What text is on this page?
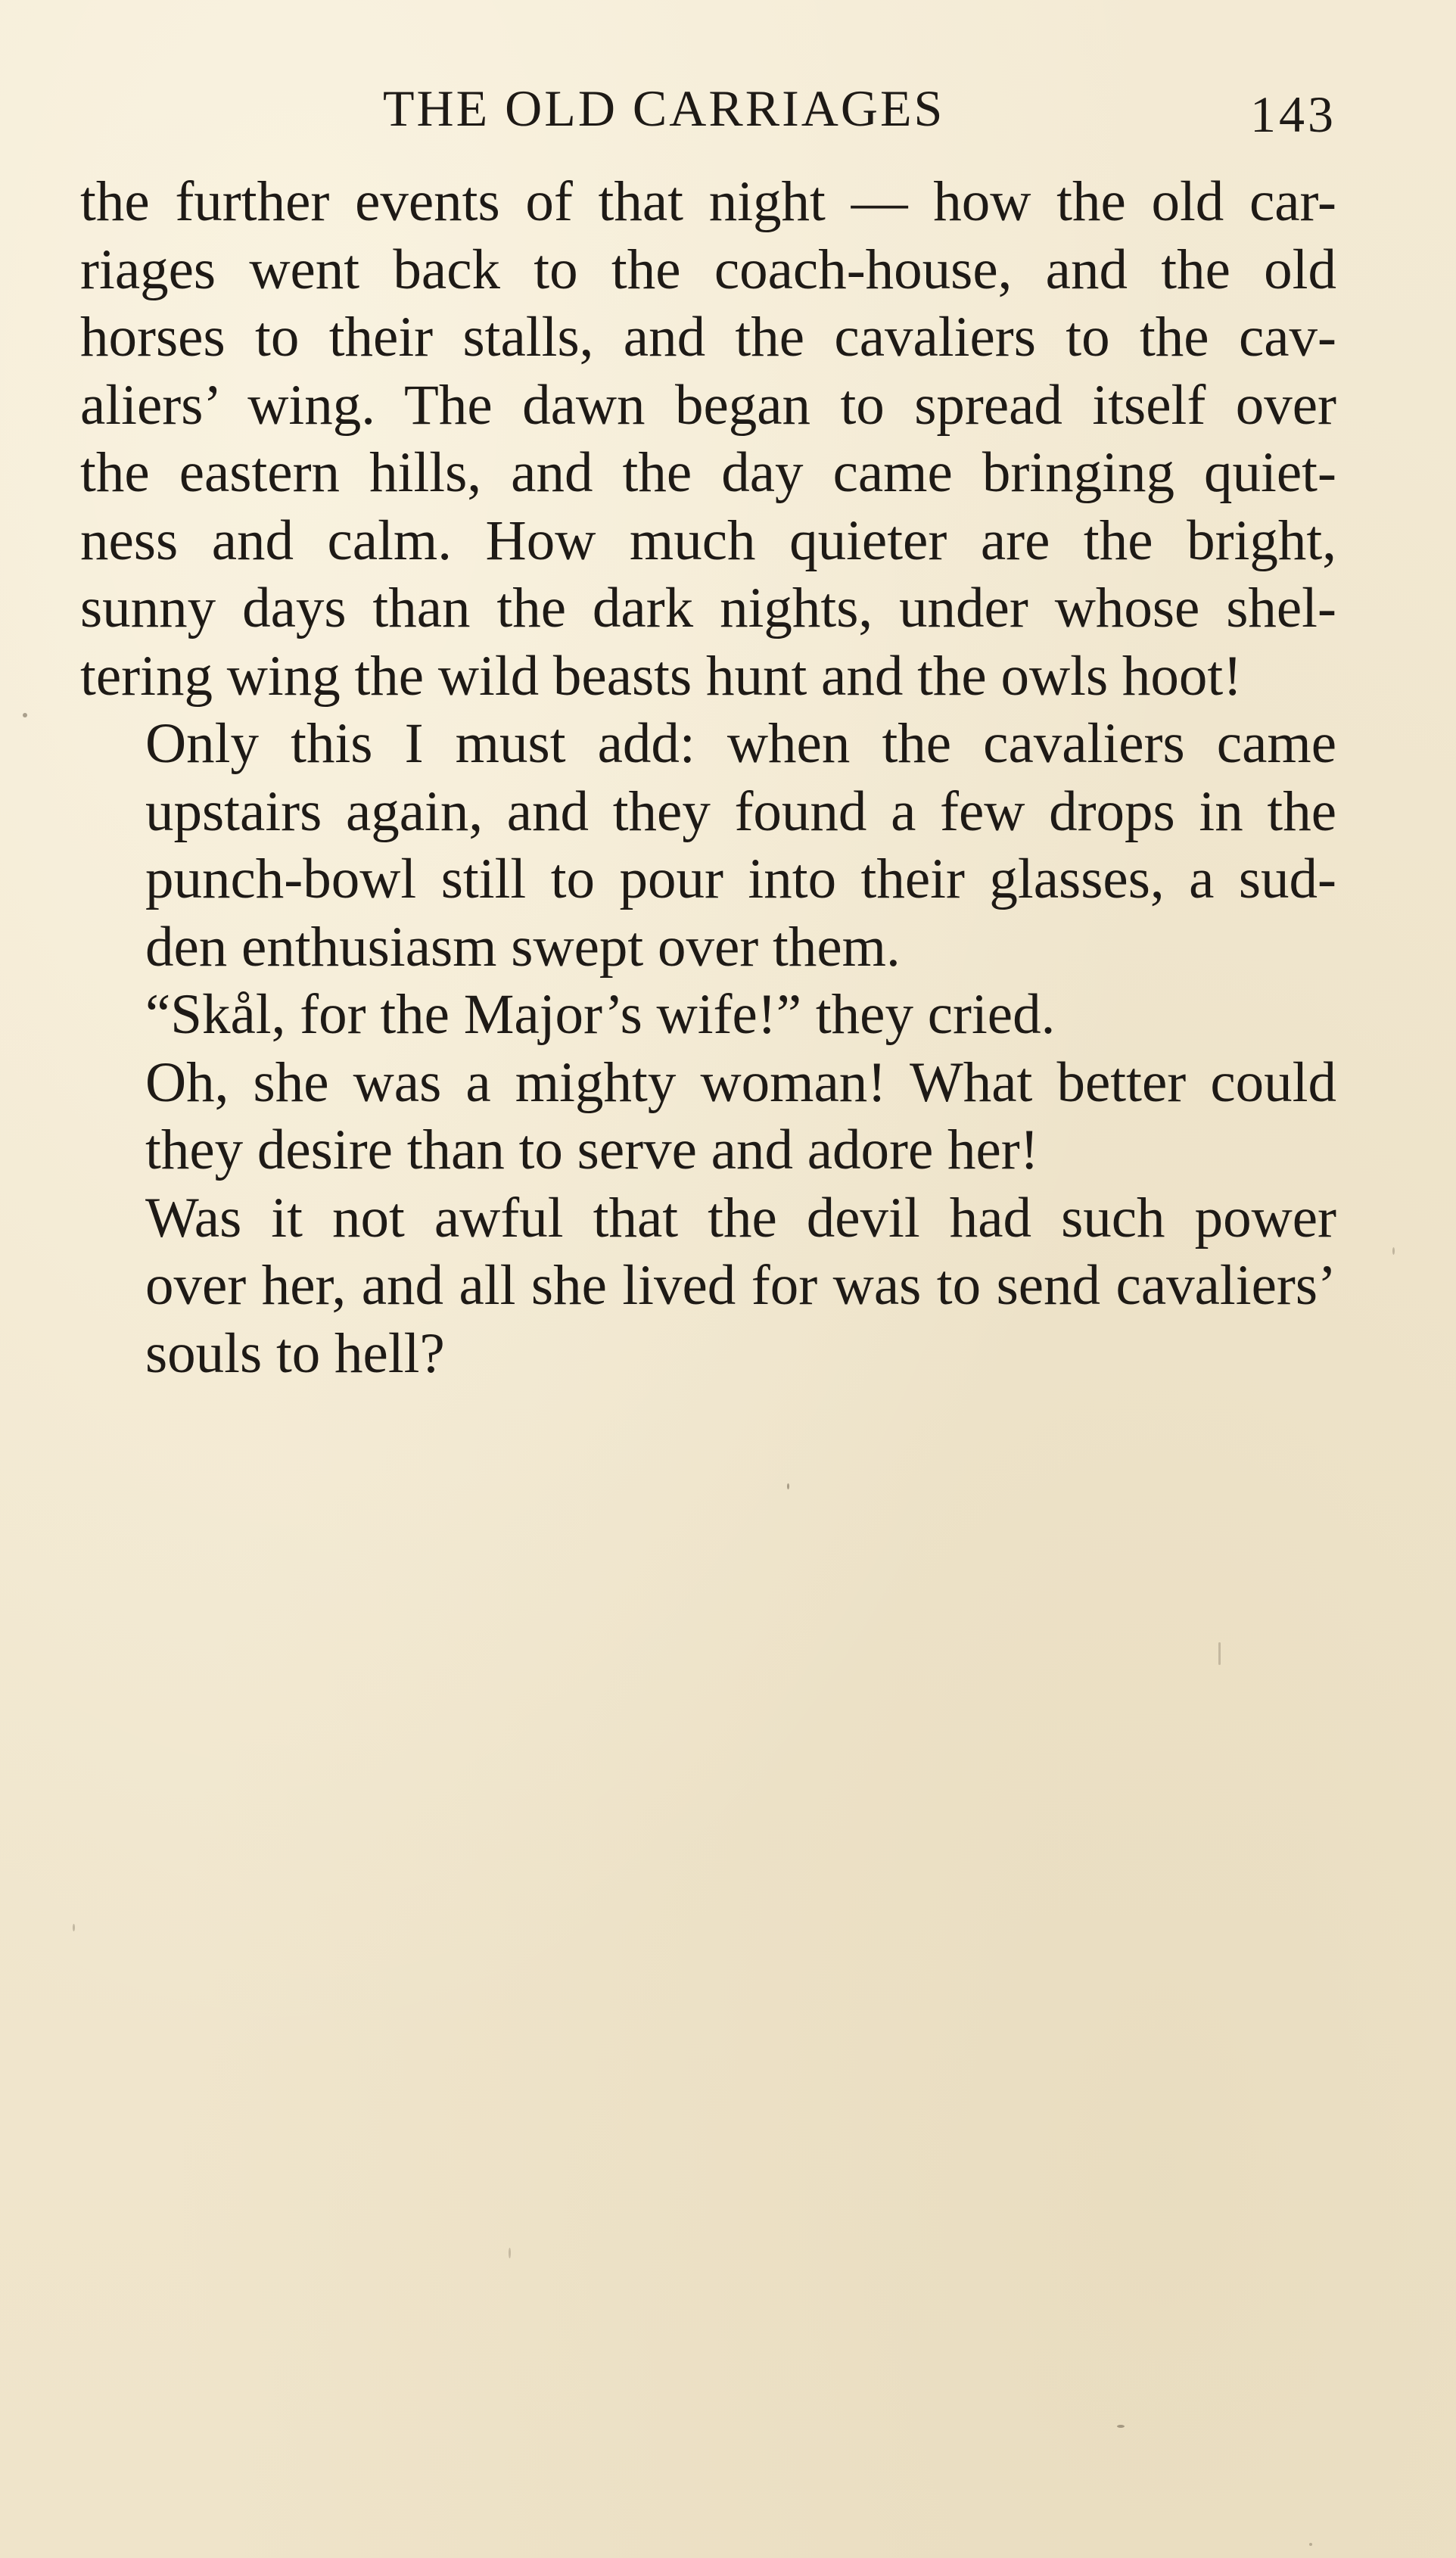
THE OLD CARRIAGES	143

the further events of that night — how the old car-
riages went back to the coach-house, and the old
horses to their stalls, and the cavaliers to the cav-
aliers’ wing. The dawn began to spread itself over
the eastern hills, and the day came bringing quiet-
ness and calm. How much quieter are the bright,
sunny days than the dark nights, under whose shel-
tering wing the wild beasts hunt and the owls hoot!

Only this I must add: when the cavaliers came
upstairs again, and they found a few drops in the
punch-bowl still to pour into their glasses, a sud-
den enthusiasm swept over them.

“Skål, for the Major’s wife!” they cried.

Oh, she was a mighty woman! What better could
they desire than to serve and adore her!

Was it not awful that the devil had such power
over her, and all she lived for was to send cavaliers’
souls to hell?
